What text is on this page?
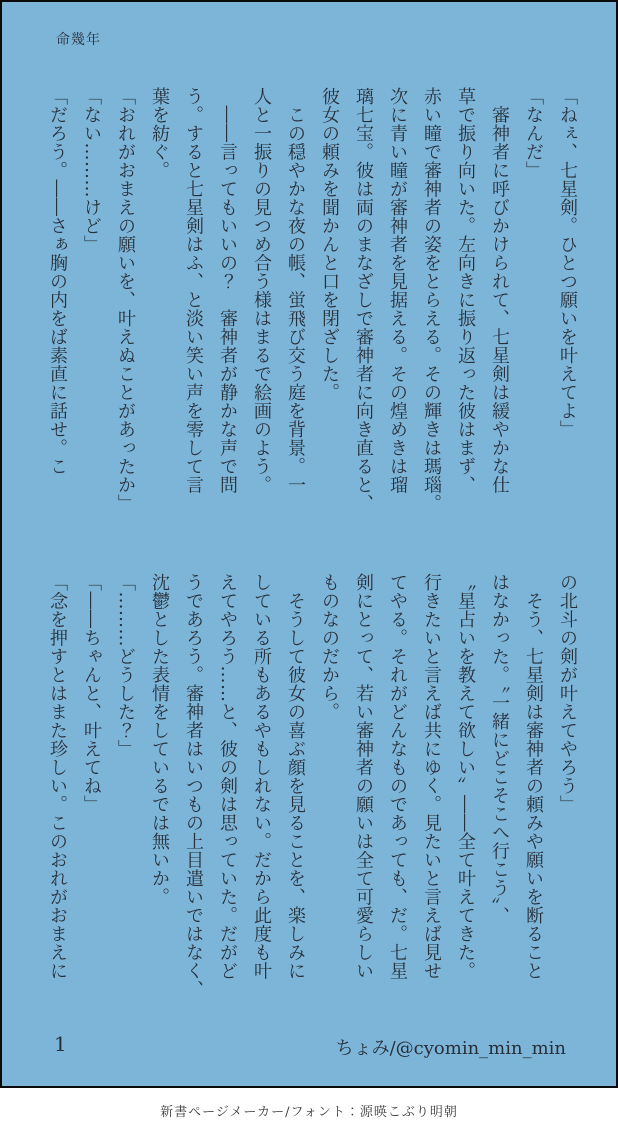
命幾年
「ねぇ、七星剣。ひとつ願いを叶えてよ」
「なんだ」
　審神者に呼びかけられて、七星剣は緩やかな仕
草で振り向いた。左向きに振り返った彼はまず、
赤い瞳で審神者の姿をとらえる。その輝きは瑪瑙。
次に青い瞳が審神者を見据える。その煌めきは瑠
璃七宝。彼は両のまなざしで審神者に向き直ると、
彼女の頼みを聞かんと口を閉ざした。
　この穏やかな夜の帳、蛍飛び交う庭を背景。一
人と一振りの見つめ合う様はまるで絵画のよう。
　――言ってもいいの？　審神者が静かな声で問
う。すると七星剣はふ、と淡い笑い声を零して言
葉を紡ぐ。
「おれがおまえの願いを、叶えぬことがあったか」
「ない………けど」
「だろう。――さぁ胸の内をば素直に話せ。こ
の北斗の剣が叶えてやろう」
　そう、七星剣は審神者の頼みや願いを断ること
はなかった。〝一緒にどこそこへ行こう〟、
〝星占いを教えて欲しい〟――全て叶えてきた。
行きたいと言えば共にゆく。見たいと言えば見せ
てやる。それがどんなものであっても、だ。七星
剣にとって、若い審神者の願いは全て可愛らしい
ものなのだから。
　そうして彼女の喜ぶ顔を見ることを、楽しみに
している所もあるやもしれない。だから此度も叶
えてやろう……と、彼の剣は思っていた。だがど
うであろう。審神者はいつもの上目遣いではなく、
沈鬱とした表情をしているでは無いか。
「………どうした？」
「――ちゃんと、叶えてね」
「念を押すとはまた珍しい。このおれがおまえに
1	ちょみ/@cyomin_min_min
新書ページメーカー/フォント：源暎こぶり明朝
